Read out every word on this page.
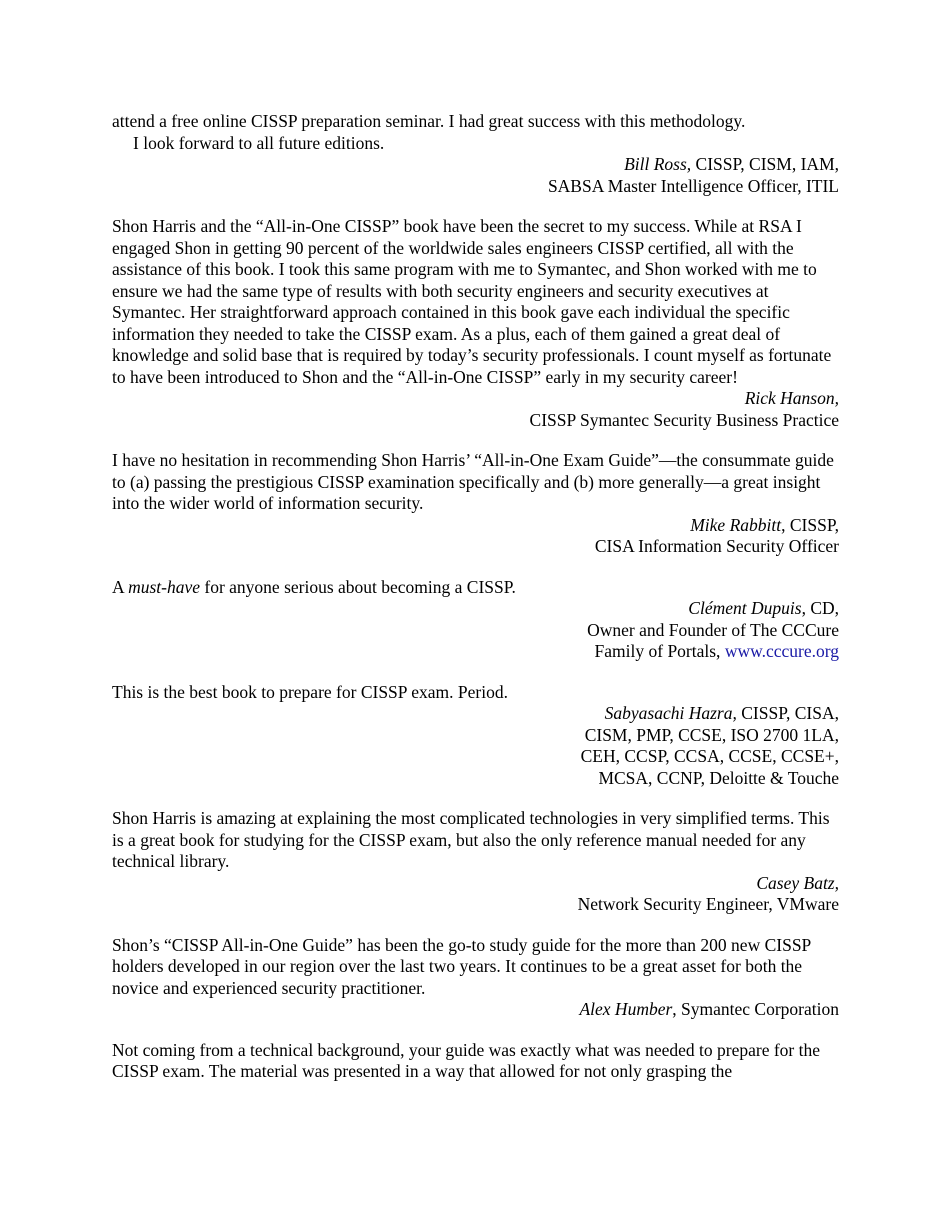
attend a free online CISSP preparation seminar. I had great success with this methodology.

I look forward to all future editions.

Bill Ross, CISSP, CISM, IAM,

SABSA Master Intelligence Officer, ITIL

Shon Harris and the “All-in-One CISSP” book have been the secret to my success. While at RSA I engaged Shon in getting 90 percent of the worldwide sales engineers CISSP certified, all with the assistance of this book. I took this same program with me to Symantec, and Shon worked with me to ensure we had the same type of results with both security engineers and security executives at Symantec. Her straightforward approach contained in this book gave each individual the specific information they needed to take the CISSP exam. As a plus, each of them gained a great deal of knowledge and solid base that is required by today’s security professionals. I count myself as fortunate to have been introduced to Shon and the “All-in-One CISSP” early in my security career!

Rick Hanson,

CISSP Symantec Security Business Practice

I have no hesitation in recommending Shon Harris’ “All-in-One Exam Guide”—the consummate guide to (a) passing the prestigious CISSP examination specifically and (b) more generally—a great insight into the wider world of information security.

Mike Rabbitt, CISSP,

CISA Information Security Officer

A must-have for anyone serious about becoming a CISSP.

Clément Dupuis, CD,

Owner and Founder of The CCCure

Family of Portals, www.cccure.org

This is the best book to prepare for CISSP exam. Period.

Sabyasachi Hazra, CISSP, CISA,

CISM, PMP, CCSE, ISO 2700 1LA,

CEH, CCSP, CCSA, CCSE, CCSE+,

MCSA, CCNP, Deloitte & Touche

Shon Harris is amazing at explaining the most complicated technologies in very simplified terms. This is a great book for studying for the CISSP exam, but also the only reference manual needed for any technical library.

Casey Batz,

Network Security Engineer, VMware

Shon’s “CISSP All-in-One Guide” has been the go-to study guide for the more than 200 new CISSP holders developed in our region over the last two years. It continues to be a great asset for both the novice and experienced security practitioner.

Alex Humber, Symantec Corporation

Not coming from a technical background, your guide was exactly what was needed to prepare for the CISSP exam. The material was presented in a way that allowed for not only grasping the
